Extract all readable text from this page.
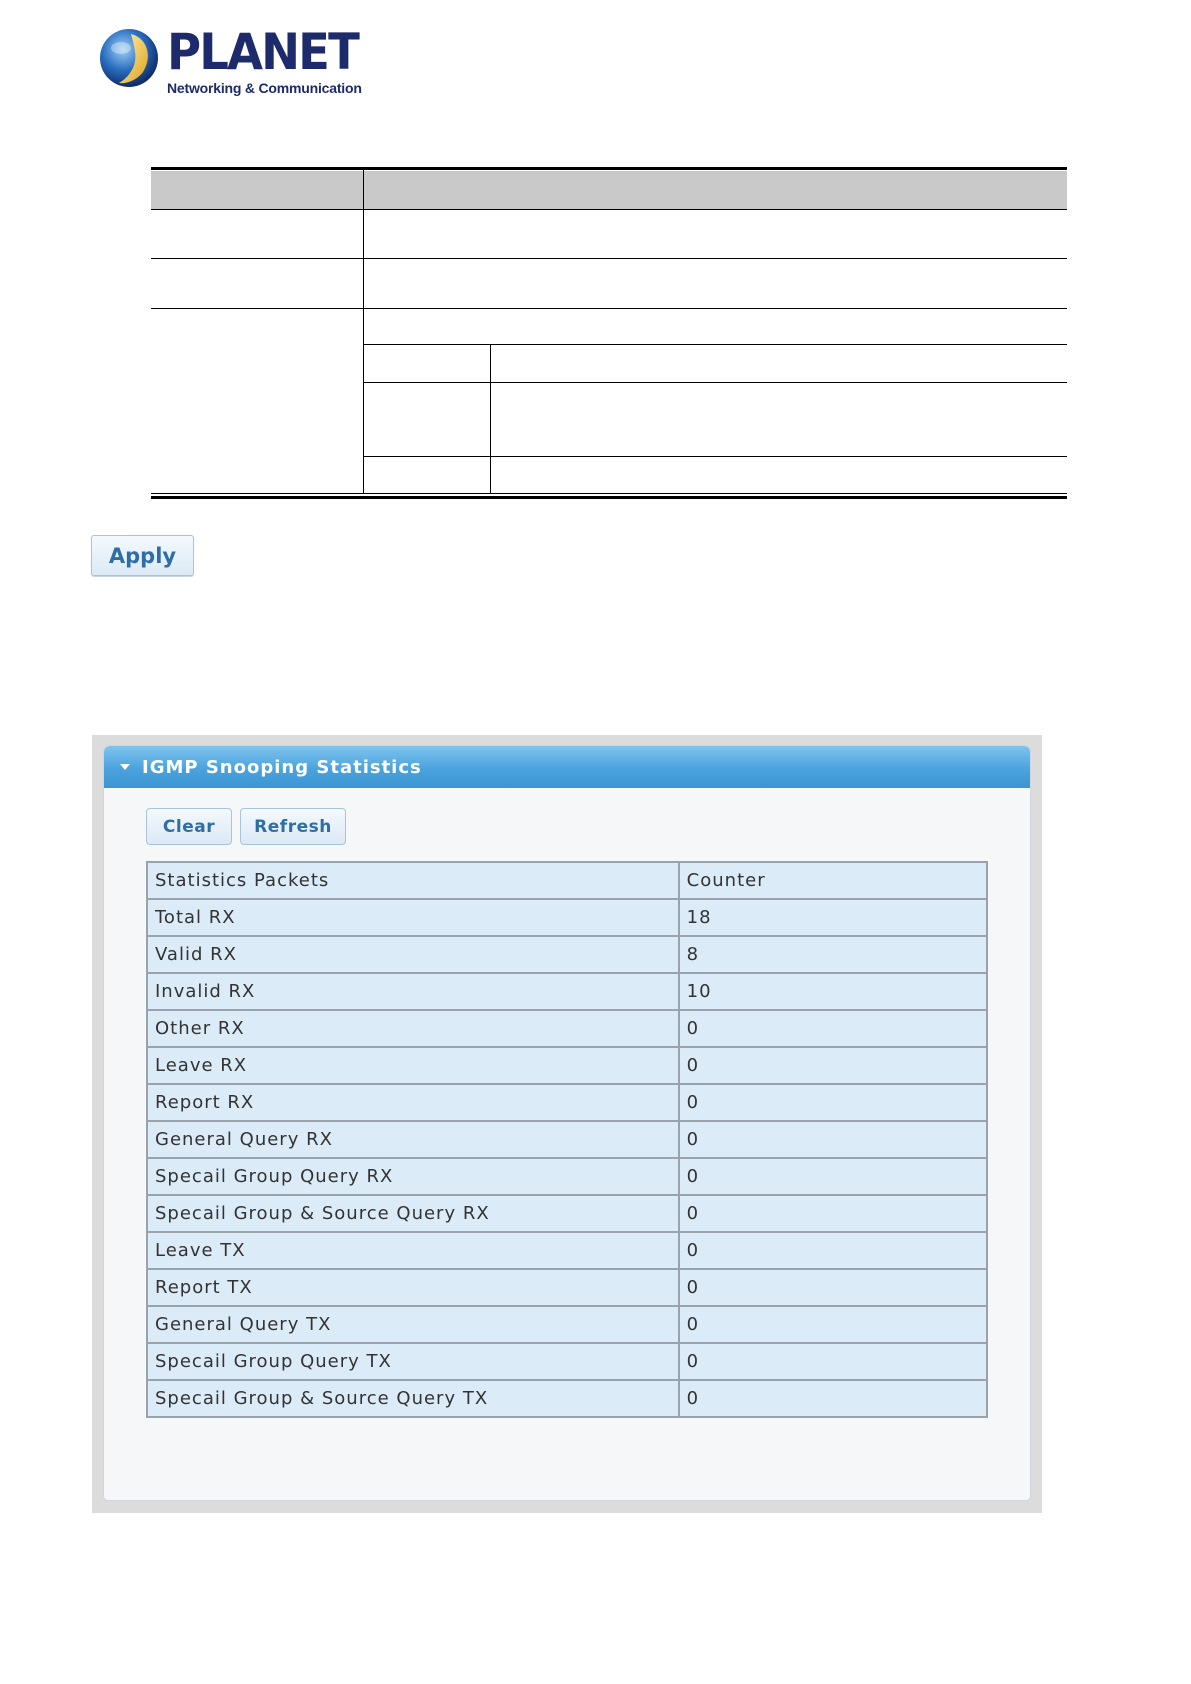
PLANET
Networking & Communication
Apply
IGMP Snooping Statistics
Clear	Refresh
Statistics Packets	Counter
Total RX	18
Valid RX	8
Invalid RX	10
Other RX	0
Leave RX	0
Report RX	0
General Query RX	0
Specail Group Query RX	0
Specail Group & Source Query RX	0
Leave TX	0
Report TX	0
General Query TX	0
Specail Group Query TX	0
Specail Group & Source Query TX	0
